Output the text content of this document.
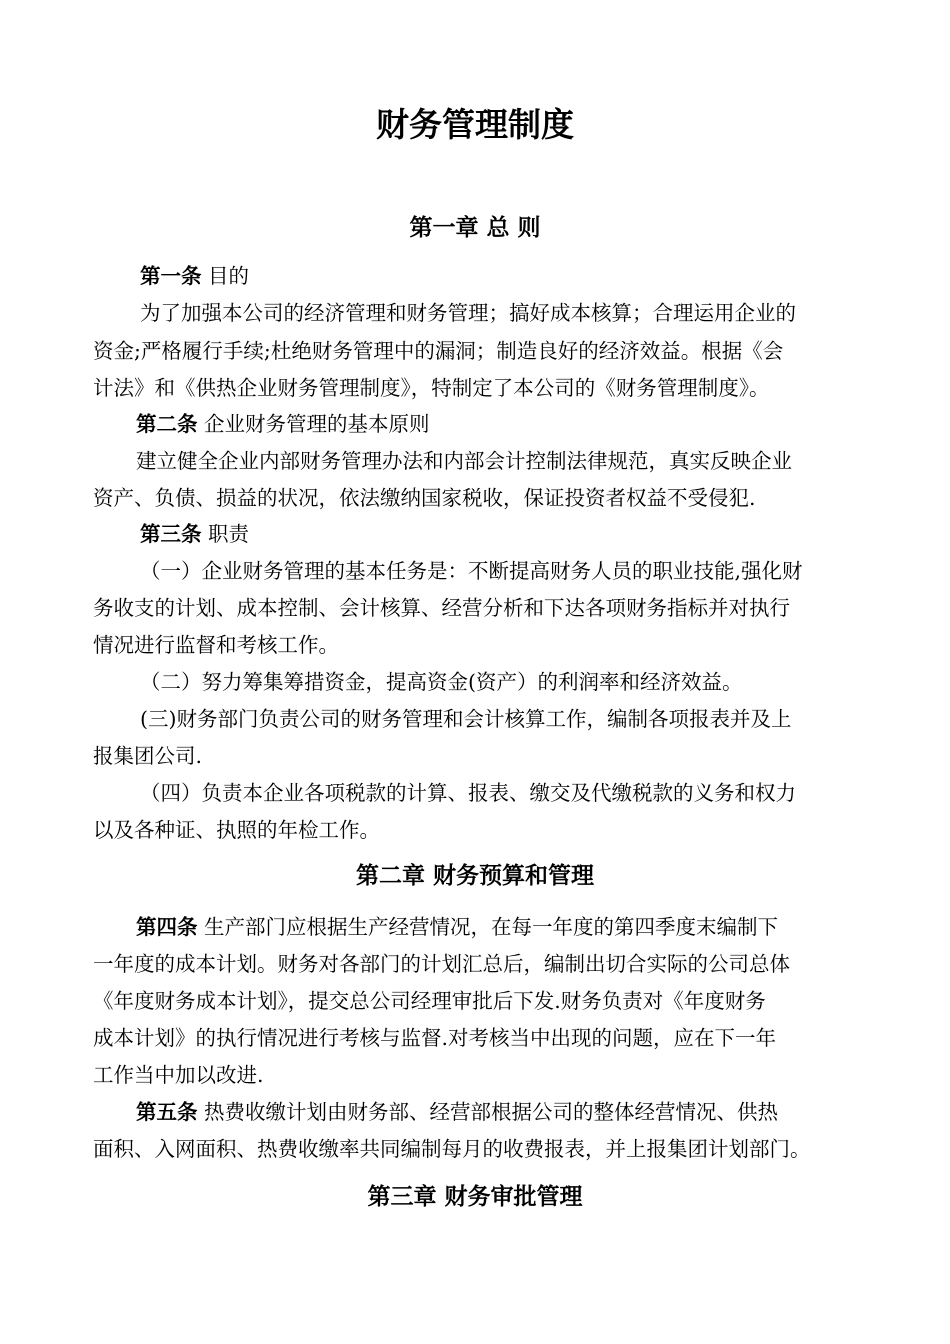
财务管理制度
第一章 总 则
第一条 目的
为了加强本公司的经济管理和财务管理；搞好成本核算；合理运用企业的
资金;严格履行手续;杜绝财务管理中的漏洞；制造良好的经济效益。根据《会
计法》和《供热企业财务管理制度》，特制定了本公司的《财务管理制度》。
第二条 企业财务管理的基本原则
建立健全企业内部财务管理办法和内部会计控制法律规范，真实反映企业
资产、负债、损益的状况，依法缴纳国家税收，保证投资者权益不受侵犯.
第三条 职责
（一）企业财务管理的基本任务是：不断提高财务人员的职业技能,强化财
务收支的计划、成本控制、会计核算、经营分析和下达各项财务指标并对执行
情况进行监督和考核工作。
（二）努力筹集筹措资金，提高资金(资产）的利润率和经济效益。
(三)财务部门负责公司的财务管理和会计核算工作，编制各项报表并及上
报集团公司.
（四）负责本企业各项税款的计算、报表、缴交及代缴税款的义务和权力
以及各种证、执照的年检工作。
第二章 财务预算和管理
第四条 生产部门应根据生产经营情况，在每一年度的第四季度末编制下
一年度的成本计划。财务对各部门的计划汇总后，编制出切合实际的公司总体
《年度财务成本计划》，提交总公司经理审批后下发.财务负责对《年度财务
成本计划》的执行情况进行考核与监督.对考核当中出现的问题，应在下一年
工作当中加以改进.
第五条 热费收缴计划由财务部、经营部根据公司的整体经营情况、供热
面积、入网面积、热费收缴率共同编制每月的收费报表，并上报集团计划部门。
第三章 财务审批管理
